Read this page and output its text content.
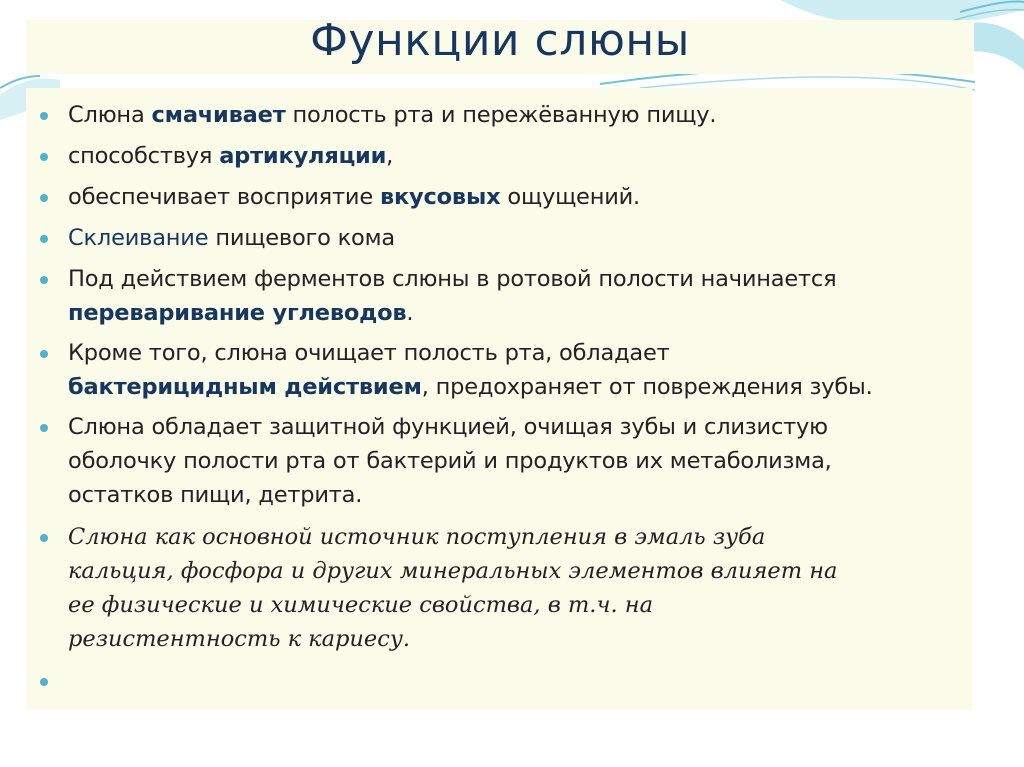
Функции слюны
Слюна смачивает полость рта и пережёванную пищу.
способствуя артикуляции,
обеспечивает восприятие вкусовых ощущений.
Склеивание пищевого кома
Под действием ферментов слюны в ротовой полости начинается
переваривание углеводов.
Кроме того, слюна очищает полость рта, обладает
бактерицидным действием, предохраняет от повреждения зубы.
Слюна обладает защитной функцией, очищая зубы и слизистую
оболочку полости рта от бактерий и продуктов их метаболизма,
остатков пищи, детрита.
Слюна как основной источник поступления в эмаль зуба
кальция, фосфора и других минеральных элементов влияет на
ее физические и химические свойства, в т.ч. на
резистентность к кариесу.
